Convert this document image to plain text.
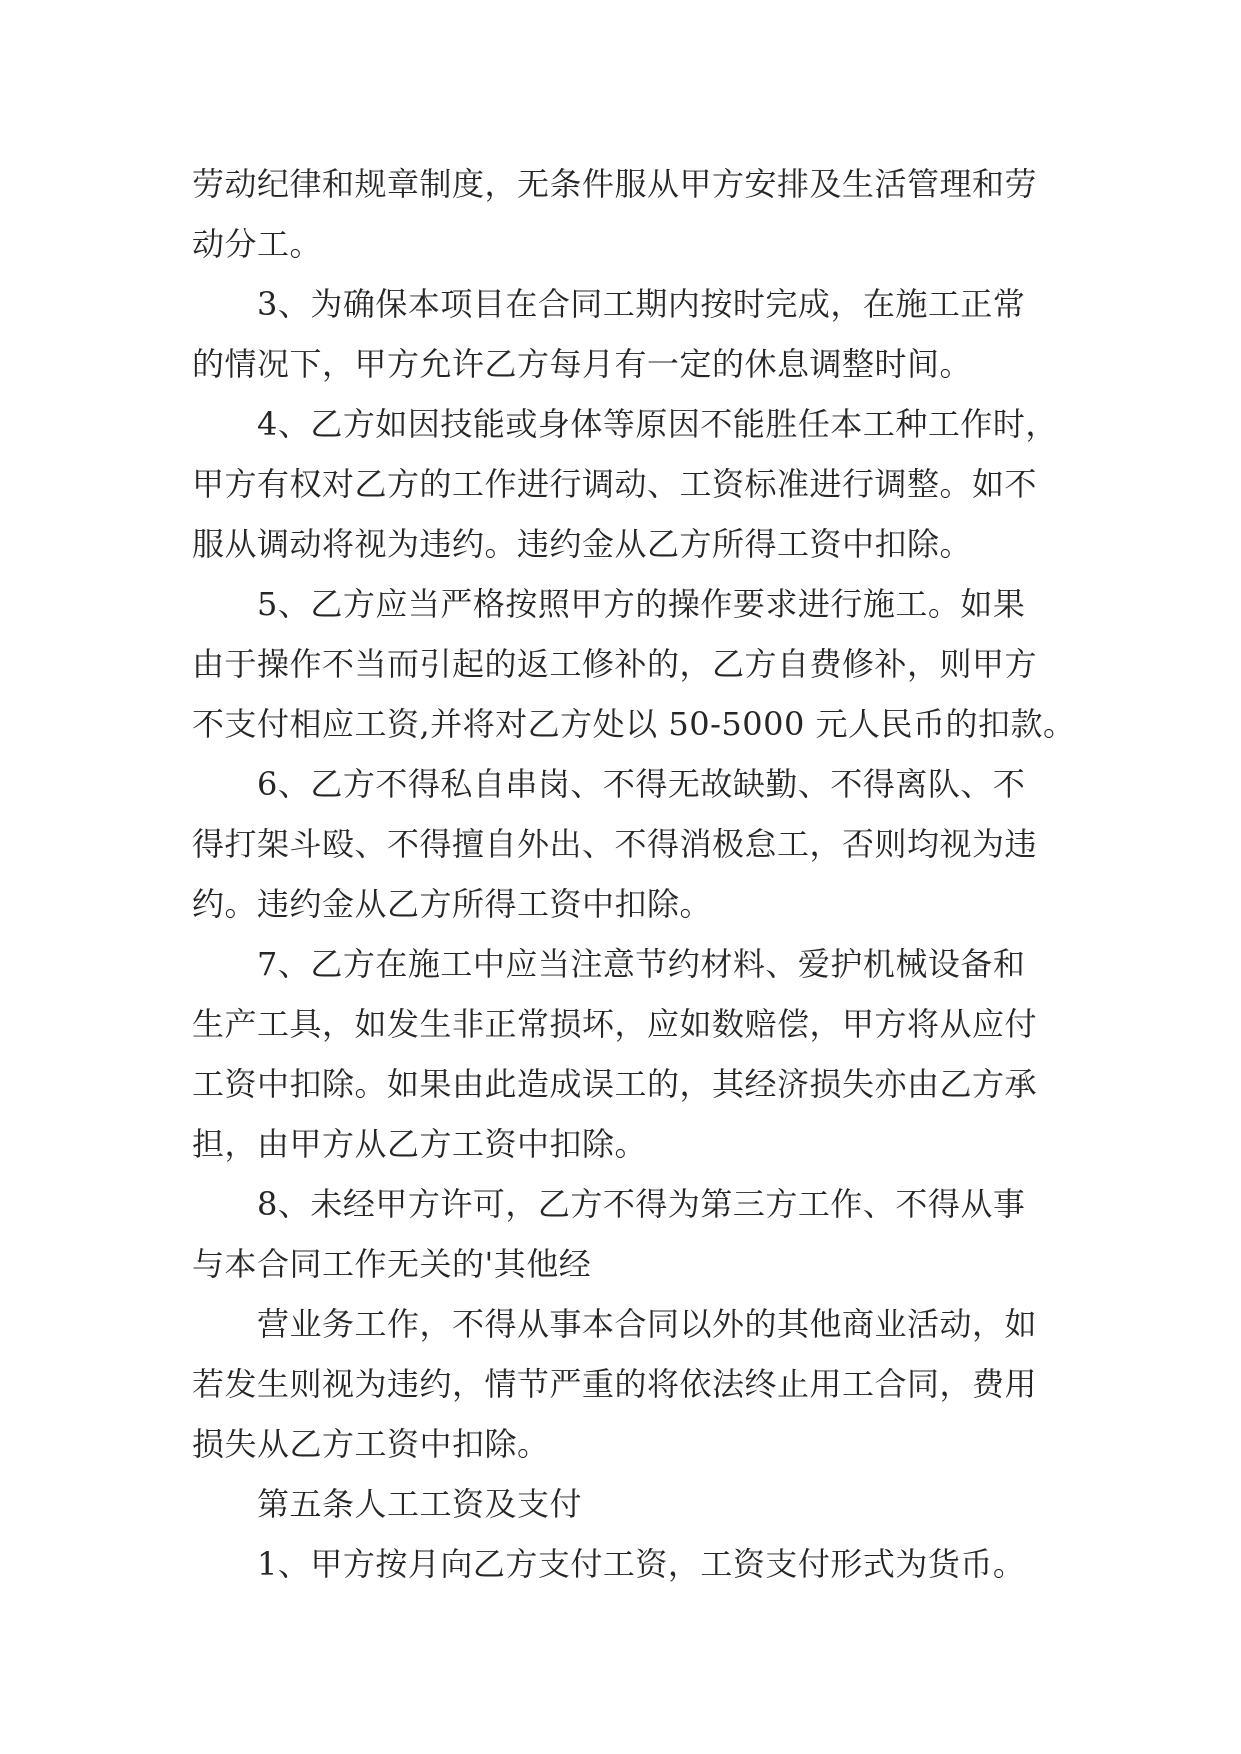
劳动纪律和规章制度，无条件服从甲方安排及生活管理和劳
动分工。
　　3、为确保本项目在合同工期内按时完成，在施工正常
的情况下，甲方允许乙方每月有一定的休息调整时间。
　　4、乙方如因技能或身体等原因不能胜任本工种工作时，
甲方有权对乙方的工作进行调动、工资标准进行调整。如不
服从调动将视为违约。违约金从乙方所得工资中扣除。
　　5、乙方应当严格按照甲方的操作要求进行施工。如果
由于操作不当而引起的返工修补的，乙方自费修补，则甲方
不支付相应工资,并将对乙方处以 50-5000 元人民币的扣款。
　　6、乙方不得私自串岗、不得无故缺勤、不得离队、不
得打架斗殴、不得擅自外出、不得消极怠工，否则均视为违
约。违约金从乙方所得工资中扣除。
　　7、乙方在施工中应当注意节约材料、爱护机械设备和
生产工具，如发生非正常损坏，应如数赔偿，甲方将从应付
工资中扣除。如果由此造成误工的，其经济损失亦由乙方承
担，由甲方从乙方工资中扣除。
　　8、未经甲方许可，乙方不得为第三方工作、不得从事
与本合同工作无关的'其他经
　　营业务工作，不得从事本合同以外的其他商业活动，如
若发生则视为违约，情节严重的将依法终止用工合同，费用
损失从乙方工资中扣除。
　　第五条人工工资及支付
　　1、甲方按月向乙方支付工资，工资支付形式为货币。
